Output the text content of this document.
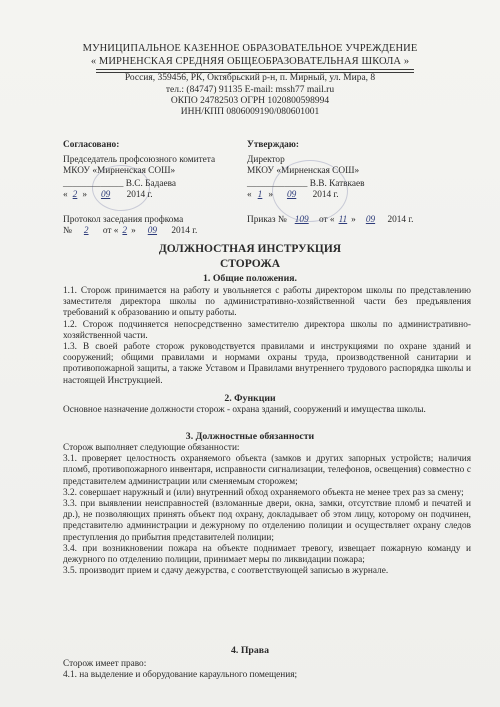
МУНИЦИПАЛЬНОЕ КАЗЕННОЕ ОБРАЗОВАТЕЛЬНОЕ УЧРЕЖДЕНИЕ
« МИРНЕНСКАЯ СРЕДНЯЯ ОБЩЕОБРАЗОВАТЕЛЬНАЯ ШКОЛА »
Россия, 359456, РК, Октябрьский р-н, п. Мирный, ул. Мира, 8
тел.: (84747) 91135 E-mail: mssh77 mail.ru
ОКПО 24782503 ОГРН 1020800598994
ИНН/КПП 0806009190/080601001
Согласовано:
Председатель профсоюзного комитета
МКОУ «Мирненская СОШ»
_____________ В.С. Бадаева
« 2 » 09 2014 г.
Протокол заседания профкома
№ 2 от « 2 » 09 2014 г.
Утверждаю:
Директор
МКОУ «Мирненская СОШ»
_____________ В.В. Катвкаев
« 1 » 09 2014 г.
Приказ № 109 от « 11 » 09 2014 г.
ДОЛЖНОСТНАЯ ИНСТРУКЦИЯ
СТОРОЖА
1. Общие положения.

1.1. Сторож принимается на работу и увольняется с работы директором школы по представлению заместителя директора школы по административно-хозяйственной части без предъявления требований к образованию и опыту работы.

1.2. Сторож подчиняется непосредственно заместителю директора школы по административно-хозяйственной части.

1.3. В своей работе сторож руководствуется правилами и инструкциями по охране зданий и сооружений; общими правилами и нормами охраны труда, производственной санитарии и противопожарной защиты, а также Уставом и Правилами внутреннего трудового распорядка школы и настоящей Инструкцией.

2. Функции

Основное назначение должности сторож - охрана зданий, сооружений и имущества школы.

3. Должностные обязанности

Сторож выполняет следующие обязанности:

3.1. проверяет целостность охраняемого объекта (замков и других запорных устройств; наличия пломб, противопожарного инвентаря, исправности сигнализации, телефонов, освещения) совместно с представителем администрации или сменяемым сторожем;

3.2. совершает наружный и (или) внутренний обход охраняемого объекта не менее трех раз за смену;

3.3. при выявлении неисправностей (взломанные двери, окна, замки, отсутствие пломб и печатей и др.), не позволяющих принять объект под охрану, докладывает об этом лицу, которому он подчинен, представителю администрации и дежурному по отделению полиции и осуществляет охрану следов преступления до прибытия представителей полиции;

3.4. при возникновении пожара на объекте поднимает тревогу, извещает пожарную команду и дежурного по отделению полиции, принимает меры по ликвидации пожара;

3.5. производит прием и сдачу дежурства, с соответствующей записью в журнале.

4. Права

Сторож имеет право:

4.1. на выделение и оборудование караульного помещения;
